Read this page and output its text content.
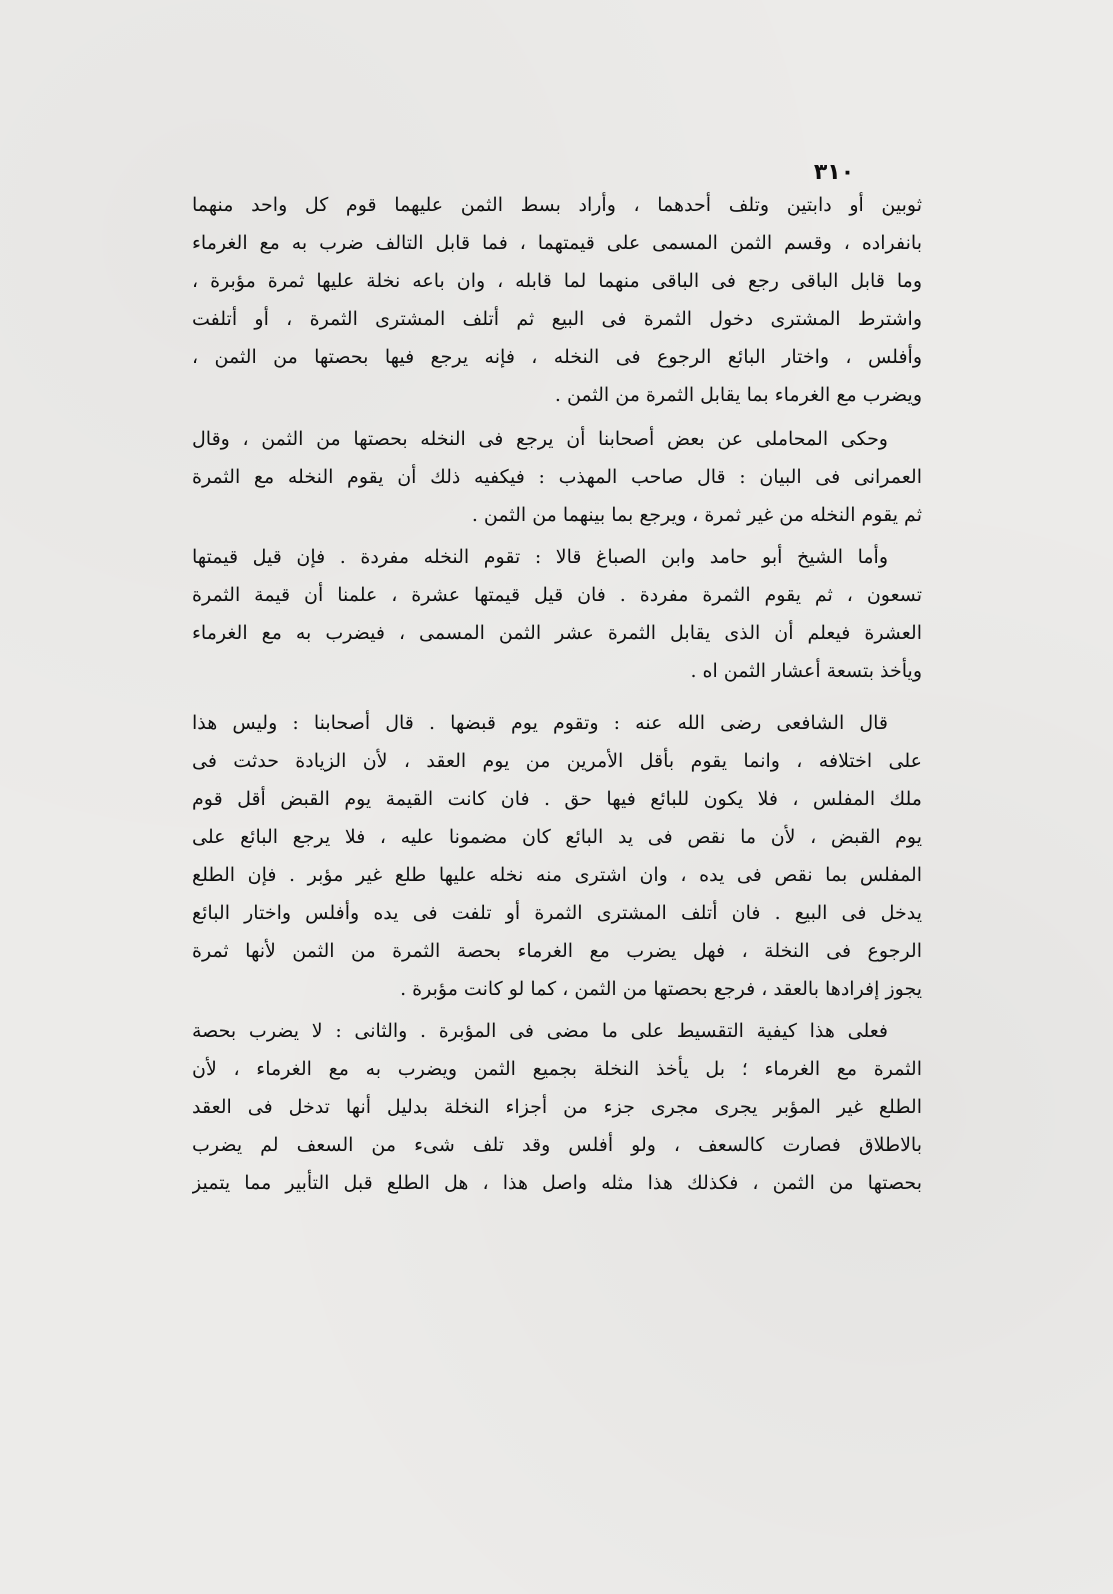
٣١٠
ثوبين أو دابتين وتلف أحدهما ، وأراد بسط الثمن عليهما قوم كل واحد منهما
بانفراده ، وقسم الثمن المسمى على قيمتهما ، فما قابل التالف ضرب به مع الغرماء
وما قابل الباقى رجع فى الباقى منهما لما قابله ، وان باعه نخلة عليها ثمرة مؤبرة ،
واشترط المشترى دخول الثمرة فى البيع ثم أتلف المشترى الثمرة ، أو أتلفت
وأفلس ، واختار البائع الرجوع فى النخله ، فإنه يرجع فيها بحصتها من الثمن ،
ويضرب مع الغرماء بما يقابل الثمرة من الثمن .
وحكى المحاملى عن بعض أصحابنا أن يرجع فى النخله بحصتها من الثمن ، وقال
العمرانى فى البيان : قال صاحب المهذب : فيكفيه ذلك أن يقوم النخله مع الثمرة
ثم يقوم النخله من غير ثمرة ، ويرجع بما بينهما من الثمن .
وأما الشيخ أبو حامد وابن الصباغ قالا : تقوم النخله مفردة . فإن قيل قيمتها
تسعون ، ثم يقوم الثمرة مفردة . فان قيل قيمتها عشرة ، علمنا أن قيمة الثمرة
العشرة فيعلم أن الذى يقابل الثمرة عشر الثمن المسمى ، فيضرب به مع الغرماء
ويأخذ بتسعة أعشار الثمن اه .
قال الشافعى رضى الله عنه : وتقوم يوم قبضها . قال أصحابنا : وليس هذا
على اختلافه ، وانما يقوم بأقل الأمرين من يوم العقد ، لأن الزيادة حدثت فى
ملك المفلس ، فلا يكون للبائع فيها حق . فان كانت القيمة يوم القبض أقل قوم
يوم القبض ، لأن ما نقص فى يد البائع كان مضمونا عليه ، فلا يرجع البائع على
المفلس بما نقص فى يده ، وان اشترى منه نخله عليها طلع غير مؤبر . فإن الطلع
يدخل فى البيع . فان أتلف المشترى الثمرة أو تلفت فى يده وأفلس واختار البائع
الرجوع فى النخلة ، فهل يضرب مع الغرماء بحصة الثمرة من الثمن لأنها ثمرة
يجوز إفرادها بالعقد ، فرجع بحصتها من الثمن ، كما لو كانت مؤبرة .
فعلى هذا كيفية التقسيط على ما مضى فى المؤبرة . والثانى : لا يضرب بحصة
الثمرة مع الغرماء ؛ بل يأخذ النخلة بجميع الثمن ويضرب به مع الغرماء ، لأن
الطلع غير المؤبر يجرى مجرى جزء من أجزاء النخلة بدليل أنها تدخل فى العقد
بالاطلاق فصارت كالسعف ، ولو أفلس وقد تلف شىء من السعف لم يضرب
بحصتها من الثمن ، فكذلك هذا مثله واصل هذا ، هل الطلع قبل التأبير مما يتميز
